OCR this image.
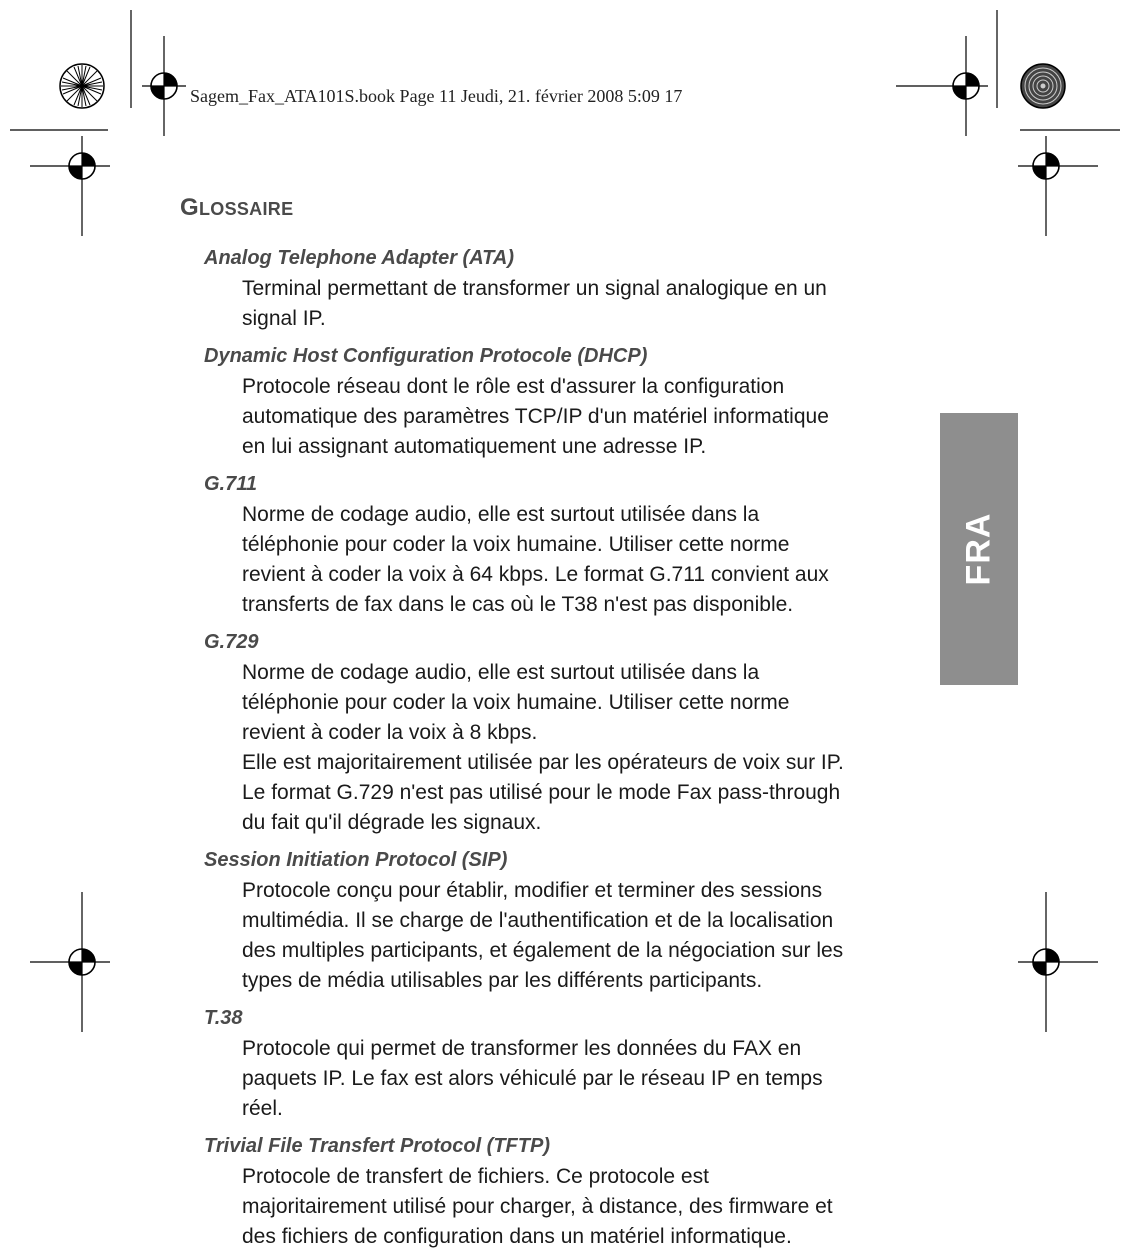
Sagem_Fax_ATA101S.book Page 11 Jeudi, 21. février 2008 5:09 17
GLOSSAIRE
FRA

Analog Telephone Adapter (ATA)

Terminal permettant de transformer un signal analogique en un
signal IP.

Dynamic Host Configuration Protocole (DHCP)

Protocole réseau dont le rôle est d'assurer la configuration
automatique des paramètres TCP/IP d'un matériel informatique
en lui assignant automatiquement une adresse IP.

G.711

Norme de codage audio, elle est surtout utilisée dans la
téléphonie pour coder la voix humaine. Utiliser cette norme
revient à coder la voix à 64 kbps. Le format G.711 convient aux
transferts de fax dans le cas où le T38 n'est pas disponible.

G.729

Norme de codage audio, elle est surtout utilisée dans la
téléphonie pour coder la voix humaine. Utiliser cette norme
revient à coder la voix à 8 kbps.
Elle est majoritairement utilisée par les opérateurs de voix sur IP.
Le format G.729 n'est pas utilisé pour le mode Fax pass-through
du fait qu'il dégrade les signaux.

Session Initiation Protocol (SIP)

Protocole conçu pour établir, modifier et terminer des sessions
multimédia. Il se charge de l'authentification et de la localisation
des multiples participants, et également de la négociation sur les
types de média utilisables par les différents participants.

T.38

Protocole qui permet de transformer les données du FAX en
paquets IP. Le fax est alors véhiculé par le réseau IP en temps
réel.

Trivial File Transfert Protocol (TFTP)

Protocole de transfert de fichiers. Ce protocole est
majoritairement utilisé pour charger, à distance, des firmware et
des fichiers de configuration dans un matériel informatique.
